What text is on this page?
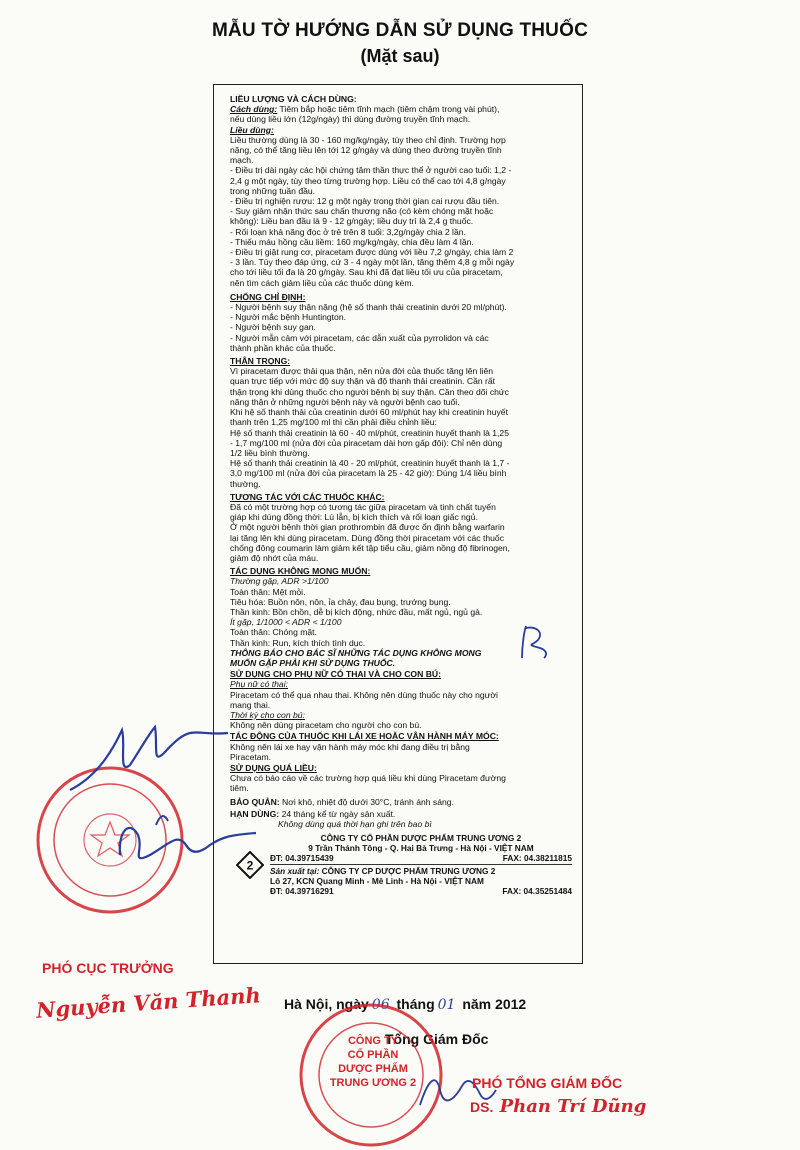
MẪU TỜ HƯỚNG DẪN SỬ DỤNG THUỐC
(Mặt sau)
LIỀU LƯỢNG VÀ CÁCH DÙNG:
Cách dùng: Tiêm bắp hoặc tiêm tĩnh mạch (tiêm chậm trong vài phút),
nếu dùng liều lớn (12g/ngày) thì dùng đường truyền tĩnh mạch.
Liều dùng:
Liều thường dùng là 30 - 160 mg/kg/ngày, tùy theo chỉ định. Trường hợp
nặng, có thể tăng liều lên tới 12 g/ngày và dùng theo đường truyền tĩnh
mạch.
- Điều trị dài ngày các hội chứng tâm thần thực thể ở người cao tuổi: 1,2 -
2,4 g một ngày, tùy theo từng trường hợp. Liều có thể cao tới 4,8 g/ngày
trong những tuần đầu.
- Điều trị nghiện rượu: 12 g một ngày trong thời gian cai rượu đầu tiên.
- Suy giảm nhận thức sau chấn thương não (có kèm chóng mặt hoặc
không): Liều ban đầu là 9 - 12 g/ngày; liều duy trì là 2,4 g thuốc.
- Rối loạn khả năng đọc ở trẻ trên 8 tuổi: 3,2g/ngày chia 2 lần.
- Thiếu máu hồng cầu liềm: 160 mg/kg/ngày, chia đều làm 4 lần.
- Điều trị giật rung cơ, piracetam được dùng với liều 7,2 g/ngày, chia làm 2
- 3 lần. Tùy theo đáp ứng, cứ 3 - 4 ngày một lần, tăng thêm 4,8 g mỗi ngày
cho tới liều tối đa là 20 g/ngày. Sau khi đã đạt liều tối ưu của piracetam,
nên tìm cách giảm liều của các thuốc dùng kèm.
CHỐNG CHỈ ĐỊNH:
- Người bệnh suy thận nặng (hệ số thanh thải creatinin dưới 20 ml/phút).
- Người mắc bệnh Huntington.
- Người bệnh suy gan.
- Người mẫn cảm với piracetam, các dẫn xuất của pyrrolidon và các
thành phần khác của thuốc.
THẬN TRỌNG:
Vì piracetam được thải qua thận, nên nửa đời của thuốc tăng lên liên
quan trực tiếp với mức độ suy thận và độ thanh thải creatinin. Cần rất
thận trọng khi dùng thuốc cho người bệnh bị suy thận. Cần theo dõi chức
năng thận ở những người bệnh này và người bệnh cao tuổi.
Khi hệ số thanh thải của creatinin dưới 60 ml/phút hay khi creatinin huyết
thanh trên 1,25 mg/100 ml thì cần phải điều chỉnh liều:
Hệ số thanh thải creatinin là 60 - 40 ml/phút, creatinin huyết thanh là 1,25
- 1,7 mg/100 ml (nửa đời của piracetam dài hơn gấp đôi): Chỉ nên dùng
1/2 liều bình thường.
Hệ số thanh thải creatinin là 40 - 20 ml/phút, creatinin huyết thanh là 1,7 -
3,0 mg/100 ml (nửa đời của piracetam là 25 - 42 giờ): Dùng 1/4 liều bình
thường.
TƯƠNG TÁC VỚI CÁC THUỐC KHÁC:
Đã có một trường hợp có tương tác giữa piracetam và tinh chất tuyến
giáp khi dùng đồng thời: Lú lẫn, bị kích thích và rối loạn giấc ngủ.
Ở một người bệnh thời gian prothrombin đã được ổn định bằng warfarin
lại tăng lên khi dùng piracetam. Dùng đồng thời piracetam với các thuốc
chống đông coumarin làm giảm kết tập tiểu cầu, giảm nồng độ fibrinogen,
giảm độ nhớt của máu.
TÁC DỤNG KHÔNG MONG MUỐN:
Thường gặp, ADR >1/100
Toàn thân: Mệt mỏi.
Tiêu hóa: Buồn nôn, nôn, ỉa chảy, đau bụng, trướng bụng.
Thần kinh: Bồn chồn, dễ bị kích động, nhức đầu, mất ngủ, ngủ gà.
Ít gặp, 1/1000 < ADR < 1/100
Toàn thân: Chóng mặt.
Thần kinh: Run, kích thích tình dục.
THÔNG BÁO CHO BÁC SĨ NHỮNG TÁC DỤNG KHÔNG MONG
MUỐN GẶP PHẢI KHI SỬ DỤNG THUỐC.
SỬ DỤNG CHO PHỤ NỮ CÓ THAI VÀ CHO CON BÚ:
Phụ nữ có thai:
Piracetam có thể qua nhau thai. Không nên dùng thuốc này cho người
mang thai.
Thời kỳ cho con bú:
Không nên dùng piracetam cho người cho con bú.
TÁC ĐỘNG CỦA THUỐC KHI LÁI XE HOẶC VẬN HÀNH MÁY MÓC:
Không nên lái xe hay vận hành máy móc khi đang điều trị bằng
Piracetam.
SỬ DỤNG QUÁ LIỀU:
Chưa có báo cáo về các trường hợp quá liều khi dùng Piracetam đường
tiêm.
BẢO QUẢN: Nơi khô, nhiệt độ dưới 30°C, tránh ánh sáng.
HẠN DÙNG: 24 tháng kể từ ngày sản xuất.
Không dùng quá thời hạn ghi trên bao bì
2
CÔNG TY CỔ PHẦN DƯỢC PHẨM TRUNG ƯƠNG 2
9 Trần Thánh Tông - Q. Hai Bà Trưng - Hà Nội - VIỆT NAM
ĐT: 04.39715439	FAX: 04.38211815
Sản xuất tại: CÔNG TY CP DƯỢC PHẨM TRUNG ƯƠNG 2
Lô 27, KCN Quang Minh - Mê Linh - Hà Nội - VIỆT NAM
ĐT: 04.39716291	FAX: 04.35251484
PHÓ CỤC TRƯỞNG
Nguyễn Văn Thanh Hà Nội, ngày 06 tháng 01 năm 2012
Tổng Giám Đốc
CÔNG TY
CỔ PHẦN
DƯỢC PHẨM
TRUNG ƯƠNG 2	PHÓ TỔNG GIÁM ĐỐC
DS. Phan Trí Dũng
